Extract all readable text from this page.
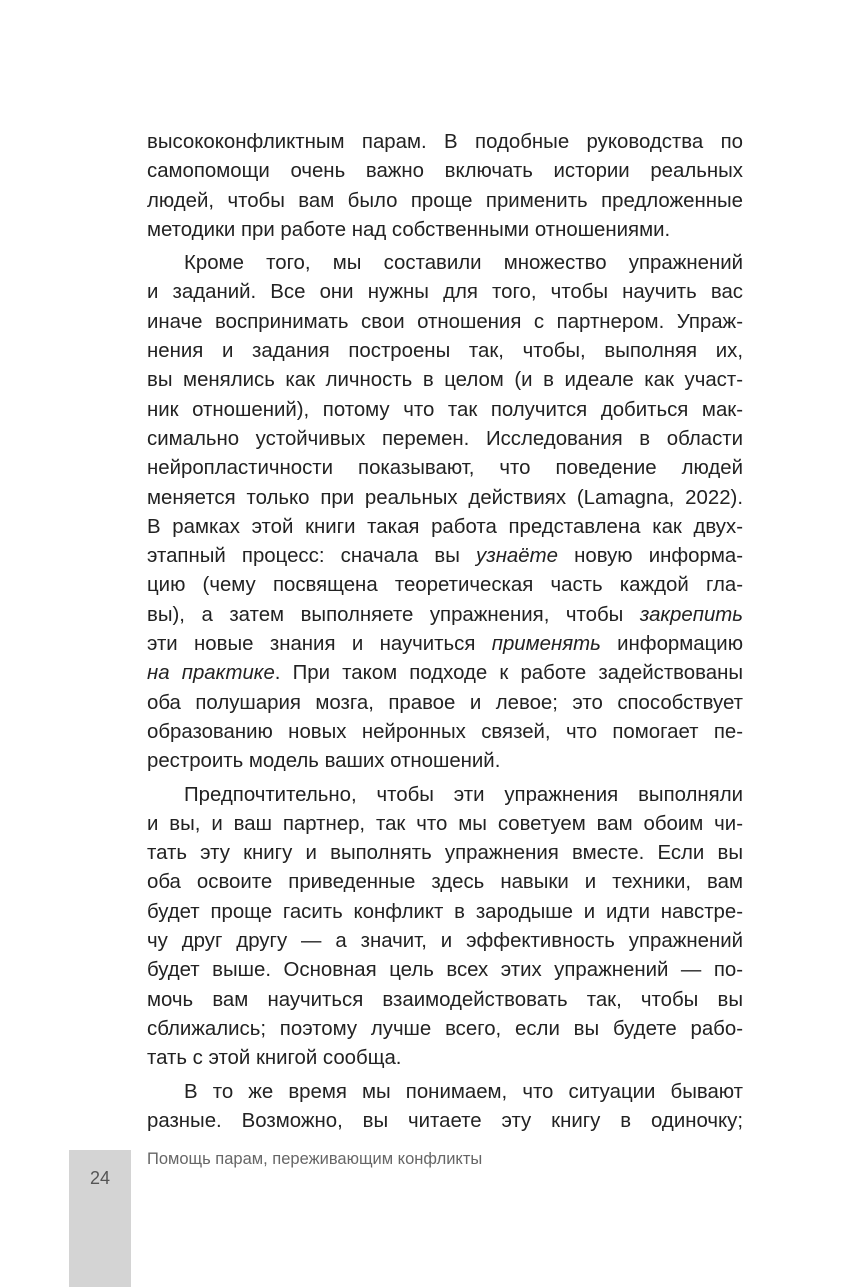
высококонфликтным парам. В подобные руководства по
самопомощи очень важно включать истории реальных
людей, чтобы вам было проще применить предложенные
методики при работе над собственными отношениями.
Кроме того, мы составили множество упражнений
и заданий. Все они нужны для того, чтобы научить вас
иначе воспринимать свои отношения с партнером. Упраж-
нения и задания построены так, чтобы, выполняя их,
вы менялись как личность в целом (и в идеале как участ-
ник отношений), потому что так получится добиться мак-
симально устойчивых перемен. Исследования в области
нейропластичности показывают, что поведение людей
меняется только при реальных действиях (Lamagna, 2022).
В рамках этой книги такая работа представлена как двух-
этапный процесс: сначала вы узнаёте новую информа-
цию (чему посвящена теоретическая часть каждой гла-
вы), а затем выполняете упражнения, чтобы закрепить
эти новые знания и научиться применять информацию
на практике. При таком подходе к работе задействованы
оба полушария мозга, правое и левое; это способствует
образованию новых нейронных связей, что помогает пе-
рестроить модель ваших отношений.
Предпочтительно, чтобы эти упражнения выполняли
и вы, и ваш партнер, так что мы советуем вам обоим чи-
тать эту книгу и выполнять упражнения вместе. Если вы
оба освоите приведенные здесь навыки и техники, вам
будет проще гасить конфликт в зародыше и идти навстре-
чу друг другу — а значит, и эффективность упражнений
будет выше. Основная цель всех этих упражнений — по-
мочь вам научиться взаимодействовать так, чтобы вы
сближались; поэтому лучше всего, если вы будете рабо-
тать с этой книгой сообща.
В то же время мы понимаем, что ситуации бывают
разные. Возможно, вы читаете эту книгу в одиночку;
24
Помощь парам, переживающим конфликты
